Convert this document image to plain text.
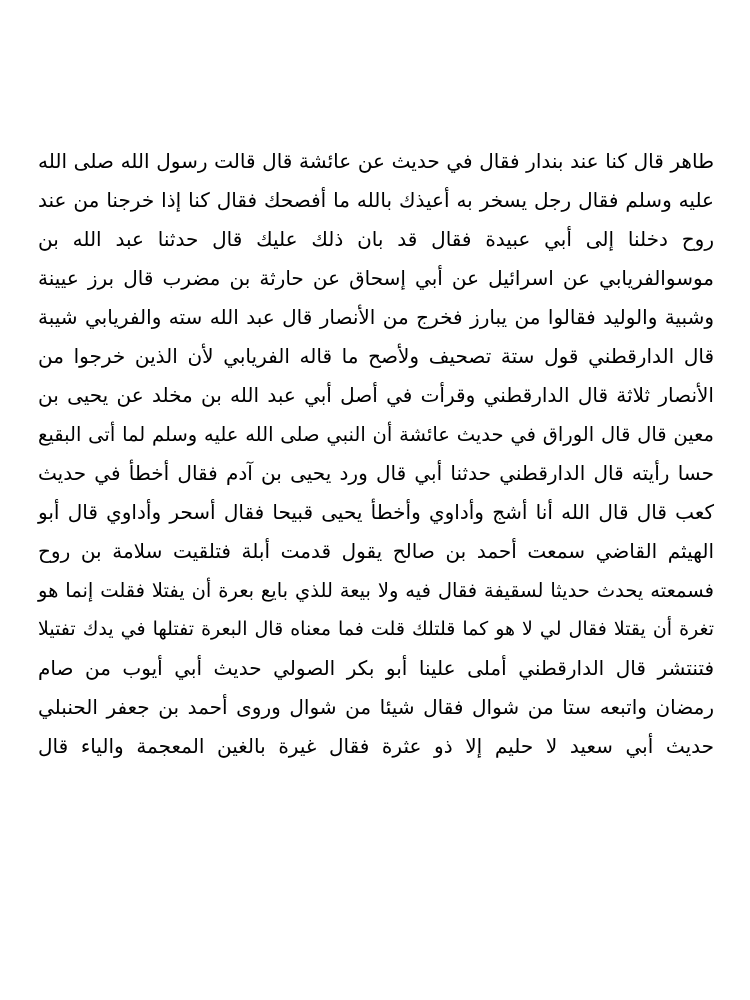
طاهر قال كنا عند بندار فقال في حديث عن عائشة قال قالت رسول الله صلى الله
عليه وسلم فقال رجل يسخر به أعيذك بالله ما أفصحك فقال كنا إذا خرجنا من عند
روح دخلنا إلى أبي عبيدة فقال قد بان ذلك عليك قال حدثنا عبد الله بن
موسوالفريابي عن اسرائيل عن أبي إسحاق عن حارثة بن مضرب قال برز عيينة
وشبية والوليد فقالوا من يبارز فخرج من الأنصار قال عبد الله سته والفريابي شيبة
قال الدارقطني قول ستة تصحيف ولأصح ما قاله الفريابي لأن الذين خرجوا من
الأنصار ثلاثة قال الدارقطني وقرأت في أصل أبي عبد الله بن مخلد عن يحيى بن
معين قال قال الوراق في حديث عائشة أن النبي صلى الله عليه وسلم لما أتى البقيع
حسا رأيته قال الدارقطني حدثنا أبي قال ورد يحيى بن آدم فقال أخطأ في حديث
كعب قال قال الله أنا أشج وأداوي وأخطأ يحيى قبيحا فقال أسحر وأداوي قال أبو
الهيثم القاضي سمعت أحمد بن صالح يقول قدمت أبلة فتلقيت سلامة بن روح
فسمعته يحدث حديثا لسقيفة فقال فيه ولا بيعة للذي بايع بعرة أن يفتلا فقلت إنما هو
تغرة أن يقتلا فقال لي لا هو كما قلتلك قلت فما معناه قال البعرة تفتلها في يدك تفتيلا
فتنتشر قال الدارقطني أملى علينا أبو بكر الصولي حديث أبي أيوب من صام
رمضان واتبعه ستا من شوال فقال شيئا من شوال وروى أحمد بن جعفر الحنبلي
حديث أبي سعيد لا حليم إلا ذو عثرة فقال غيرة بالغين المعجمة والياء قال
